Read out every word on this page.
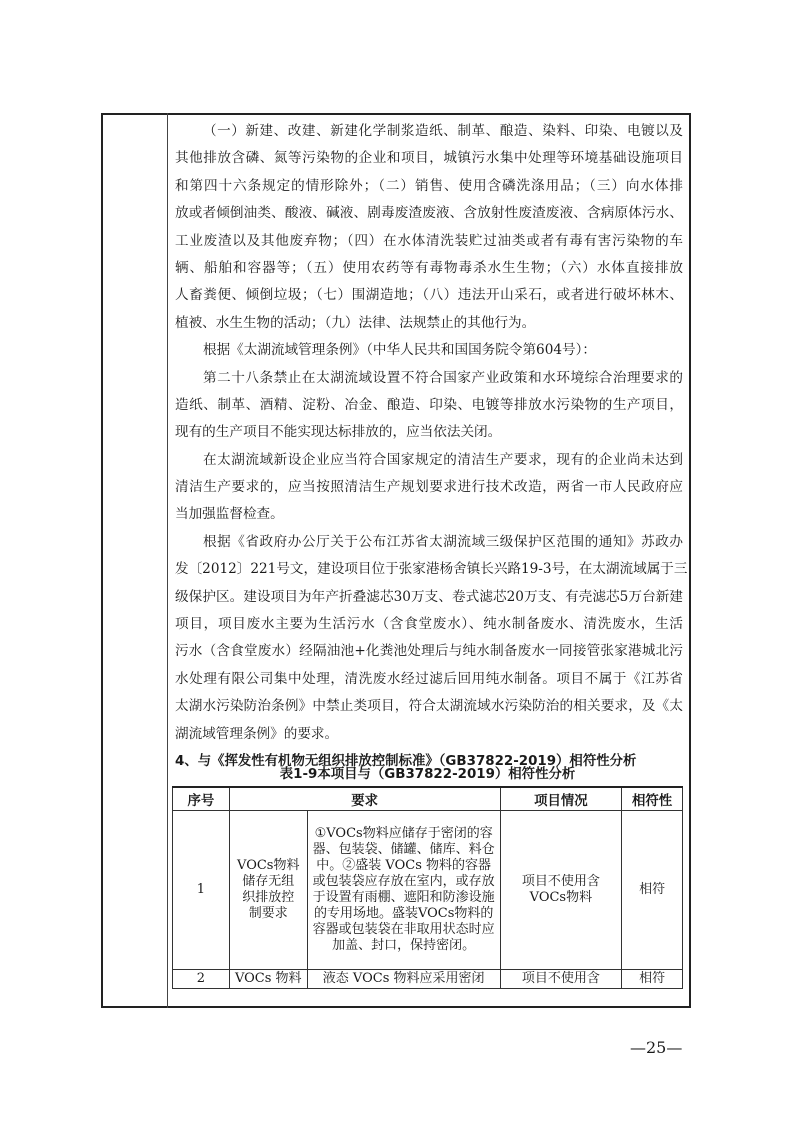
（一）新建、改建、新建化学制浆造纸、制革、酿造、染料、印染、电镀以及
其他排放含磷、氮等污染物的企业和项目，城镇污水集中处理等环境基础设施项目
和第四十六条规定的情形除外；（二）销售、使用含磷洗涤用品；（三）向水体排
放或者倾倒油类、酸液、碱液、剧毒废渣废液、含放射性废渣废液、含病原体污水、
工业废渣以及其他废弃物；（四）在水体清洗装贮过油类或者有毒有害污染物的车
辆、船舶和容器等；（五）使用农药等有毒物毒杀水生生物；（六）水体直接排放
人畜粪便、倾倒垃圾；（七）围湖造地；（八）违法开山采石，或者进行破坏林木、
植被、水生生物的活动；（九）法律、法规禁止的其他行为。
根据《太湖流域管理条例》（中华人民共和国国务院令第604号）：
第二十八条禁止在太湖流域设置不符合国家产业政策和水环境综合治理要求的
造纸、制革、酒精、淀粉、冶金、酿造、印染、电镀等排放水污染物的生产项目，
现有的生产项目不能实现达标排放的，应当依法关闭。
在太湖流域新设企业应当符合国家规定的清洁生产要求，现有的企业尚未达到
清洁生产要求的，应当按照清洁生产规划要求进行技术改造，两省一市人民政府应
当加强监督检查。
根据《省政府办公厅关于公布江苏省太湖流域三级保护区范围的通知》苏政办
发〔2012〕221号文，建设项目位于张家港杨舍镇长兴路19-3号，在太湖流域属于三
级保护区。建设项目为年产折叠滤芯30万支、卷式滤芯20万支、有壳滤芯5万台新建
项目，项目废水主要为生活污水（含食堂废水）、纯水制备废水、清洗废水，生活
污水（含食堂废水）经隔油池+化粪池处理后与纯水制备废水一同接管张家港城北污
水处理有限公司集中处理，清洗废水经过滤后回用纯水制备。项目不属于《江苏省
太湖水污染防治条例》中禁止类项目，符合太湖流域水污染防治的相关要求，及《太
湖流域管理条例》的要求。
4、与《挥发性有机物无组织排放控制标准》（GB37822-2019）相符性分析
表1-9本项目与（GB37822-2019）相符性分析
序号	要求		项目情况	相符性
1	VOCs物料储存无组织排放控制要求	①VOCs物料应储存于密闭的容器、包装袋、储罐、储库、料仓中。②盛装 VOCs 物料的容器或包装袋应存放在室内，或存放于设置有雨棚、遮阳和防渗设施的专用场地。盛装VOCs物料的容器或包装袋在非取用状态时应加盖、封口，保持密闭。	项目不使用含VOCs物料	相符
2	VOCs 物料	液态 VOCs 物料应采用密闭	项目不使用含	相符
—25—
